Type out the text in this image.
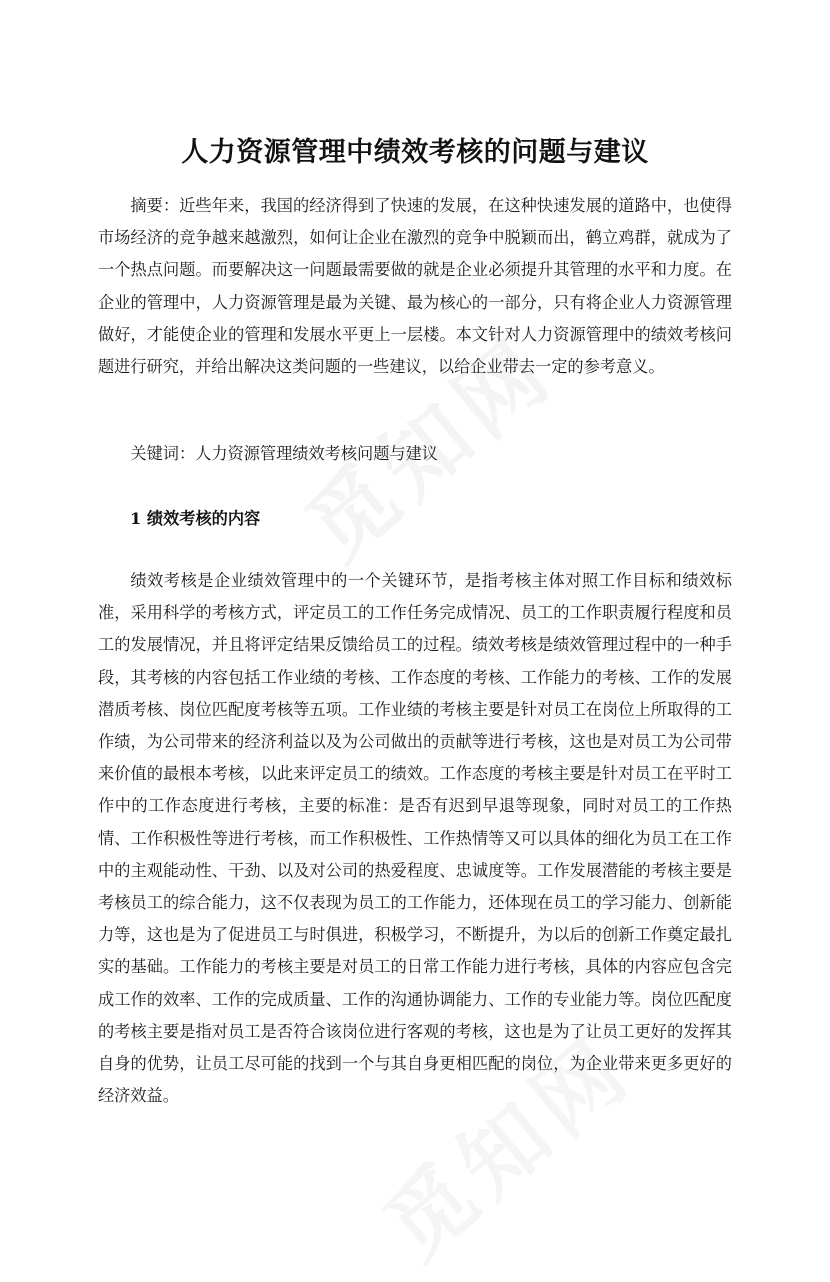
人力资源管理中绩效考核的问题与建议

摘要：近些年来，我国的经济得到了快速的发展，在这种快速发展的道路中，也使得市场经济的竞争越来越激烈，如何让企业在激烈的竞争中脱颖而出，鹤立鸡群，就成为了一个热点问题。而要解决这一问题最需要做的就是企业必须提升其管理的水平和力度。在企业的管理中，人力资源管理是最为关键、最为核心的一部分，只有将企业人力资源管理做好，才能使企业的管理和发展水平更上一层楼。本文针对人力资源管理中的绩效考核问题进行研究，并给出解决这类问题的一些建议，以给企业带去一定的参考意义。

关键词：人力资源管理绩效考核问题与建议

1 绩效考核的内容

绩效考核是企业绩效管理中的一个关键环节，是指考核主体对照工作目标和绩效标准，采用科学的考核方式，评定员工的工作任务完成情况、员工的工作职责履行程度和员工的发展情况，并且将评定结果反馈给员工的过程。绩效考核是绩效管理过程中的一种手段，其考核的内容包括工作业绩的考核、工作态度的考核、工作能力的考核、工作的发展潜质考核、岗位匹配度考核等五项。工作业绩的考核主要是针对员工在岗位上所取得的工作绩，为公司带来的经济利益以及为公司做出的贡献等进行考核，这也是对员工为公司带来价值的最根本考核，以此来评定员工的绩效。工作态度的考核主要是针对员工在平时工作中的工作态度进行考核，主要的标准：是否有迟到早退等现象，同时对员工的工作热情、工作积极性等进行考核，而工作积极性、工作热情等又可以具体的细化为员工在工作中的主观能动性、干劲、以及对公司的热爱程度、忠诚度等。工作发展潜能的考核主要是考核员工的综合能力，这不仅表现为员工的工作能力，还体现在员工的学习能力、创新能力等，这也是为了促进员工与时俱进，积极学习，不断提升，为以后的创新工作奠定最扎实的基础。工作能力的考核主要是对员工的日常工作能力进行考核，具体的内容应包含完成工作的效率、工作的完成质量、工作的沟通协调能力、工作的专业能力等。岗位匹配度的考核主要是指对员工是否符合该岗位进行客观的考核，这也是为了让员工更好的发挥其自身的优势，让员工尽可能的找到一个与其自身更相匹配的岗位，为企业带来更多更好的经济效益。
